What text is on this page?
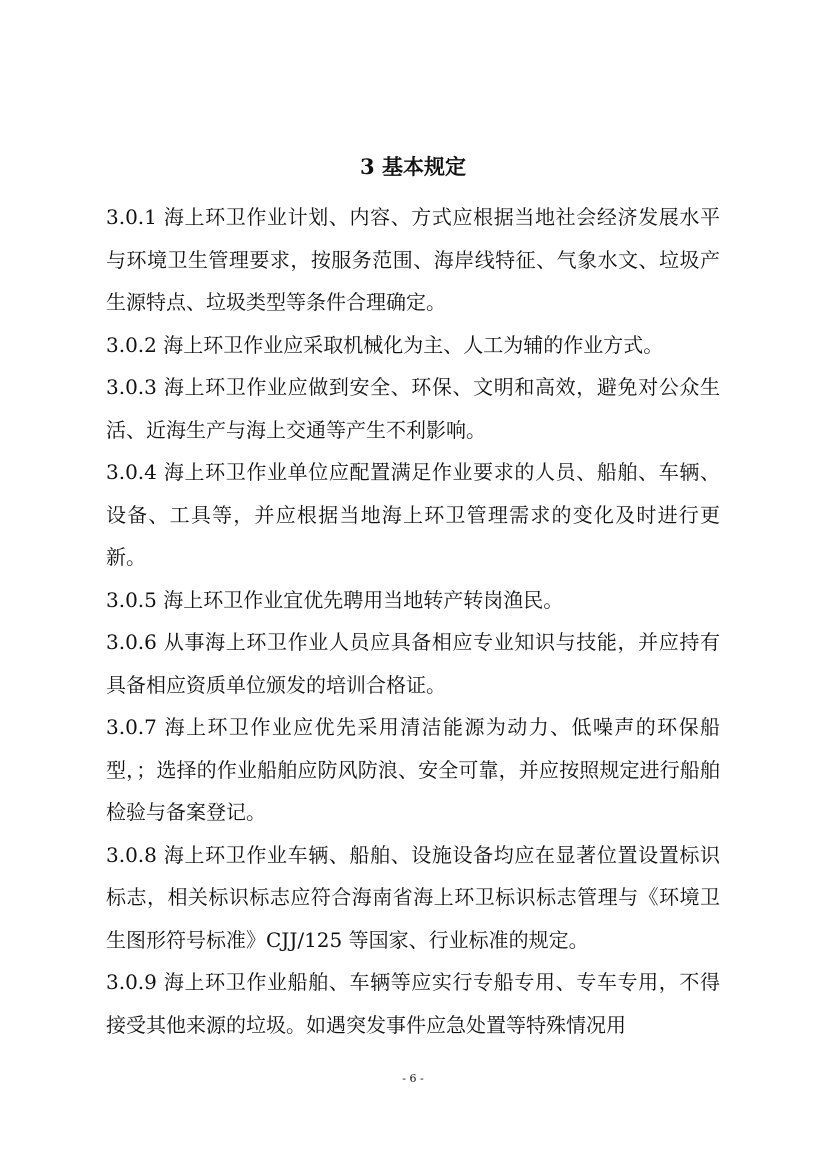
3 基本规定

3.0.1 海上环卫作业计划、内容、方式应根据当地社会经济发展水平与环境卫生管理要求，按服务范围、海岸线特征、气象水文、垃圾产生源特点、垃圾类型等条件合理确定。

3.0.2 海上环卫作业应采取机械化为主、人工为辅的作业方式。

3.0.3 海上环卫作业应做到安全、环保、文明和高效，避免对公众生活、近海生产与海上交通等产生不利影响。

3.0.4 海上环卫作业单位应配置满足作业要求的人员、船舶、车辆、设备、工具等，并应根据当地海上环卫管理需求的变化及时进行更新。

3.0.5 海上环卫作业宜优先聘用当地转产转岗渔民。

3.0.6 从事海上环卫作业人员应具备相应专业知识与技能，并应持有具备相应资质单位颁发的培训合格证。

3.0.7 海上环卫作业应优先采用清洁能源为动力、低噪声的环保船型，；选择的作业船舶应防风防浪、安全可靠，并应按照规定进行船舶检验与备案登记。

3.0.8 海上环卫作业车辆、船舶、设施设备均应在显著位置设置标识标志，相关标识标志应符合海南省海上环卫标识标志管理与《环境卫生图形符号标准》CJJ/125 等国家、行业标准的规定。

3.0.9 海上环卫作业船舶、车辆等应实行专船专用、专车专用，不得接受其他来源的垃圾。如遇突发事件应急处置等特殊情况用

- 6 -
